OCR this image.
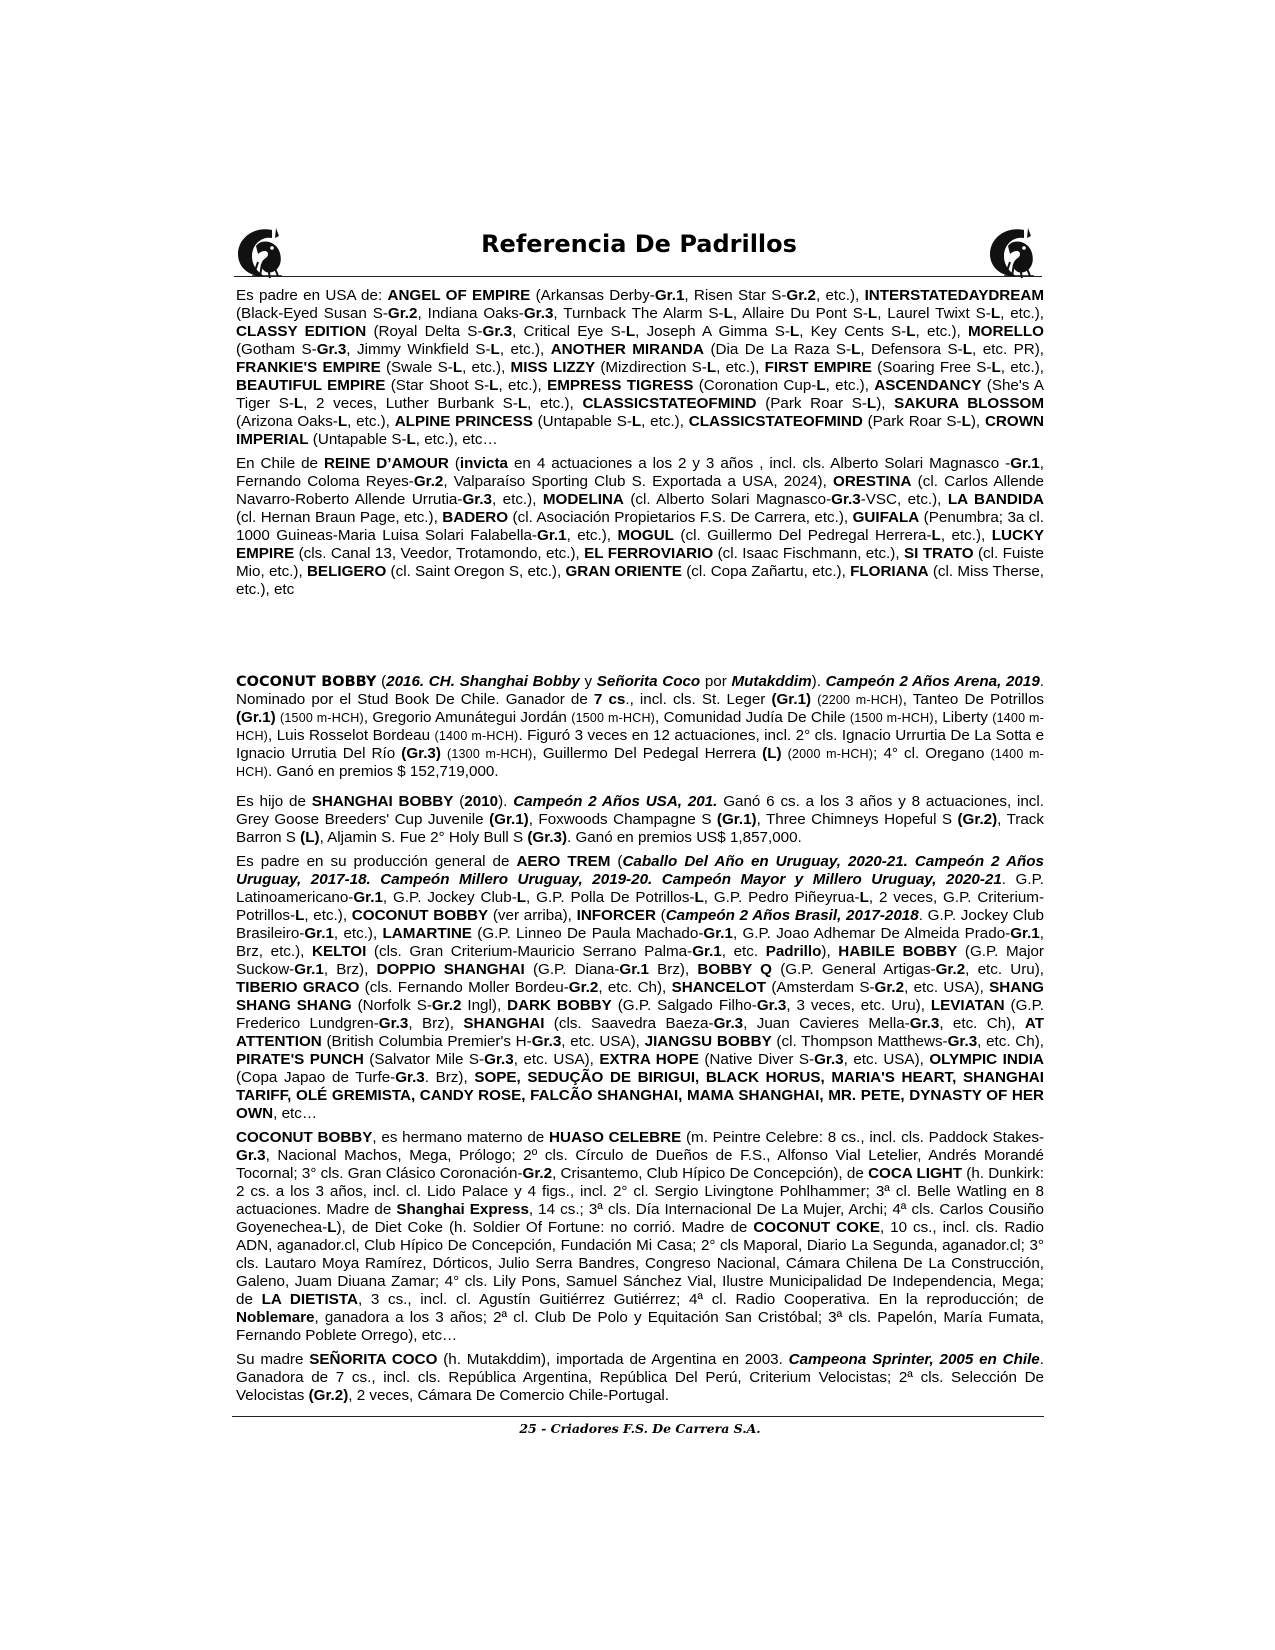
Referencia De Padrillos

Es padre en USA de: ANGEL OF EMPIRE (Arkansas Derby-Gr.1, Risen Star S-Gr.2, etc.), INTERSTATEDAYDREAM (Black-Eyed Susan S-Gr.2, Indiana Oaks-Gr.3, Turnback The Alarm S-L, Allaire Du Pont S-L, Laurel Twixt S-L, etc.), CLASSY EDITION (Royal Delta S-Gr.3, Critical Eye S-L, Joseph A Gimma S-L, Key Cents S-L, etc.), MORELLO (Gotham S-Gr.3, Jimmy Winkfield S-L, etc.), ANOTHER MIRANDA (Dia De La Raza S-L, Defensora S-L, etc. PR), FRANKIE'S EMPIRE (Swale S-L, etc.), MISS LIZZY (Mizdirection S-L, etc.), FIRST EMPIRE (Soaring Free S-L, etc.), BEAUTIFUL EMPIRE (Star Shoot S-L, etc.), EMPRESS TIGRESS (Coronation Cup-L, etc.), ASCENDANCY (She's A Tiger S-L, 2 veces, Luther Burbank S-L, etc.), CLASSICSTATEOFMIND (Park Roar S-L), SAKURA BLOSSOM (Arizona Oaks-L, etc.), ALPINE PRINCESS (Untapable S-L, etc.), CLASSICSTATEOFMIND (Park Roar S-L), CROWN IMPERIAL (Untapable S-L, etc.), etc…

En Chile de REINE D’AMOUR (invicta en 4 actuaciones a los 2 y 3 años , incl. cls. Alberto Solari Magnasco -Gr.1, Fernando Coloma Reyes-Gr.2, Valparaíso Sporting Club S. Exportada a USA, 2024), ORESTINA (cl. Carlos Allende Navarro-Roberto Allende Urrutia-Gr.3, etc.), MODELINA (cl. Alberto Solari Magnasco-Gr.3-VSC, etc.), LA BANDIDA (cl. Hernan Braun Page, etc.), BADERO (cl. Asociación Propietarios F.S. De Carrera, etc.), GUIFALA (Penumbra; 3a cl. 1000 Guineas-Maria Luisa Solari Falabella-Gr.1, etc.), MOGUL (cl. Guillermo Del Pedregal Herrera-L, etc.), LUCKY EMPIRE (cls. Canal 13, Veedor, Trotamondo, etc.), EL FERROVIARIO (cl. Isaac Fischmann, etc.), SI TRATO (cl. Fuiste Mio, etc.), BELIGERO (cl. Saint Oregon S, etc.), GRAN ORIENTE (cl. Copa Zañartu, etc.), FLORIANA (cl. Miss Therse, etc.), etc

COCONUT BOBBY (2016. CH. Shanghai Bobby y Señorita Coco por Mutakddim). Campeón 2 Años Arena, 2019. Nominado por el Stud Book De Chile. Ganador de 7 cs., incl. cls. St. Leger (Gr.1) (2200 m-HCH), Tanteo De Potrillos (Gr.1) (1500 m-HCH), Gregorio Amunátegui Jordán (1500 m-HCH), Comunidad Judía De Chile (1500 m-HCH), Liberty (1400 m-HCH), Luis Rosselot Bordeau (1400 m-HCH). Figuró 3 veces en 12 actuaciones, incl. 2° cls. Ignacio Urrurtia De La Sotta e Ignacio Urrutia Del Río (Gr.3) (1300 m-HCH), Guillermo Del Pedegal Herrera (L) (2000 m-HCH); 4° cl. Oregano (1400 m-HCH). Ganó en premios $ 152,719,000.

Es hijo de SHANGHAI BOBBY (2010). Campeón 2 Años USA, 201. Ganó 6 cs. a los 3 años y 8 actuaciones, incl. Grey Goose Breeders' Cup Juvenile (Gr.1), Foxwoods Champagne S (Gr.1), Three Chimneys Hopeful S (Gr.2), Track Barron S (L), Aljamin S. Fue 2° Holy Bull S (Gr.3). Ganó en premios US$ 1,857,000.

Es padre en su producción general de AERO TREM (Caballo Del Año en Uruguay, 2020-21. Campeón 2 Años Uruguay, 2017-18. Campeón Millero Uruguay, 2019-20. Campeón Mayor y Millero Uruguay, 2020-21. G.P. Latinoamericano-Gr.1, G.P. Jockey Club-L, G.P. Polla De Potrillos-L, G.P. Pedro Piñeyrua-L, 2 veces, G.P. Criterium-Potrillos-L, etc.), COCONUT BOBBY (ver arriba), INFORCER (Campeón 2 Años Brasil, 2017-2018. G.P. Jockey Club Brasileiro-Gr.1, etc.), LAMARTINE (G.P. Linneo De Paula Machado-Gr.1, G.P. Joao Adhemar De Almeida Prado-Gr.1, Brz, etc.), KELTOI (cls. Gran Criterium-Mauricio Serrano Palma-Gr.1, etc. Padrillo), HABILE BOBBY (G.P. Major Suckow-Gr.1, Brz), DOPPIO SHANGHAI (G.P. Diana-Gr.1 Brz), BOBBY Q (G.P. General Artigas-Gr.2, etc. Uru), TIBERIO GRACO (cls. Fernando Moller Bordeu-Gr.2, etc. Ch), SHANCELOT (Amsterdam S-Gr.2, etc. USA), SHANG SHANG SHANG (Norfolk S-Gr.2 Ingl), DARK BOBBY (G.P. Salgado Filho-Gr.3, 3 veces, etc. Uru), LEVIATAN (G.P. Frederico Lundgren-Gr.3, Brz), SHANGHAI (cls. Saavedra Baeza-Gr.3, Juan Cavieres Mella-Gr.3, etc. Ch), AT ATTENTION (British Columbia Premier's H-Gr.3, etc. USA), JIANGSU BOBBY (cl. Thompson Matthews-Gr.3, etc. Ch), PIRATE'S PUNCH (Salvator Mile S-Gr.3, etc. USA), EXTRA HOPE (Native Diver S-Gr.3, etc. USA), OLYMPIC INDIA (Copa Japao de Turfe-Gr.3. Brz), SOPE, SEDUÇÃO DE BIRIGUI, BLACK HORUS, MARIA'S HEART, SHANGHAI TARIFF, OLÉ GREMISTA, CANDY ROSE, FALCÃO SHANGHAI, MAMA SHANGHAI, MR. PETE, DYNASTY OF HER OWN, etc…

COCONUT BOBBY, es hermano materno de HUASO CELEBRE (m. Peintre Celebre: 8 cs., incl. cls. Paddock Stakes-Gr.3, Nacional Machos, Mega, Prólogo; 2º cls. Círculo de Dueños de F.S., Alfonso Vial Letelier, Andrés Morandé Tocornal; 3° cls. Gran Clásico Coronación-Gr.2, Crisantemo, Club Hípico De Concepción), de COCA LIGHT (h. Dunkirk: 2 cs. a los 3 años, incl. cl. Lido Palace y 4 figs., incl. 2° cl. Sergio Livingtone Pohlhammer; 3ª cl. Belle Watling en 8 actuaciones. Madre de Shanghai Express, 14 cs.; 3ª cls. Día Internacional De La Mujer, Archi; 4ª cls. Carlos Cousiño Goyenechea-L), de Diet Coke (h. Soldier Of Fortune: no corrió. Madre de COCONUT COKE, 10 cs., incl. cls. Radio ADN, aganador.cl, Club Hípico De Concepción, Fundación Mi Casa; 2° cls Maporal, Diario La Segunda, aganador.cl; 3° cls. Lautaro Moya Ramírez, Dórticos, Julio Serra Bandres, Congreso Nacional, Cámara Chilena De La Construcción, Galeno, Juam Diuana Zamar; 4° cls. Lily Pons, Samuel Sánchez Vial, Ilustre Municipalidad De Independencia, Mega; de LA DIETISTA, 3 cs., incl. cl. Agustín Guitiérrez Gutiérrez; 4ª cl. Radio Cooperativa. En la reproducción; de Noblemare, ganadora a los 3 años; 2ª cl. Club De Polo y Equitación San Cristóbal; 3ª cls. Papelón, María Fumata, Fernando Poblete Orrego), etc…

Su madre SEÑORITA COCO (h. Mutakddim), importada de Argentina en 2003. Campeona Sprinter, 2005 en Chile. Ganadora de 7 cs., incl. cls. República Argentina, República Del Perú, Criterium Velocistas; 2ª cls. Selección De Velocistas (Gr.2), 2 veces, Cámara De Comercio Chile-Portugal.

25 - Criadores F.S. De Carrera S.A.
